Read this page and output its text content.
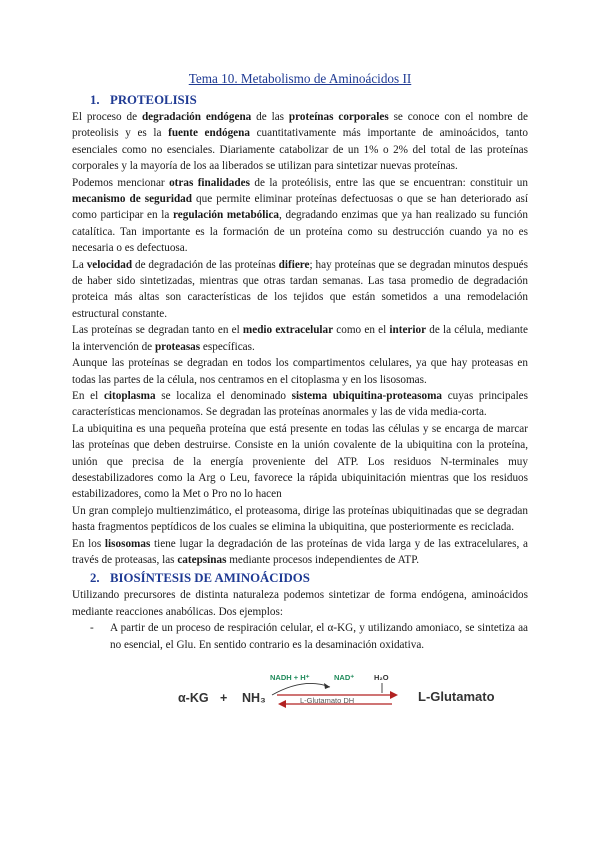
Tema 10. Metabolismo de Aminoácidos II
1. PROTEOLISIS

El proceso de degradación endógena de las proteínas corporales se conoce con el nombre de proteolisis y es la fuente endógena cuantitativamente más importante de aminoácidos, tanto esenciales como no esenciales. Diariamente catabolizar de un 1% o 2% del total de las proteínas corporales y la mayoría de los aa liberados se utilizan para sintetizar nuevas proteínas.

Podemos mencionar otras finalidades de la proteólisis, entre las que se encuentran: constituir un mecanismo de seguridad que permite eliminar proteínas defectuosas o que se han deteriorado así como participar en la regulación metabólica, degradando enzimas que ya han realizado su función catalítica. Tan importante es la formación de un proteína como su destrucción cuando ya no es necesaria o es defectuosa.

La velocidad de degradación de las proteínas difiere; hay proteínas que se degradan minutos después de haber sido sintetizadas, mientras que otras tardan semanas. Las tasa promedio de degradación proteica más altas son características de los tejidos que están sometidos a una remodelación estructural constante.

Las proteínas se degradan tanto en el medio extracelular como en el interior de la célula, mediante la intervención de proteasas específicas.

Aunque las proteínas se degradan en todos los compartimentos celulares, ya que hay proteasas en todas las partes de la célula, nos centramos en el citoplasma y en los lisosomas.

En el citoplasma se localiza el denominado sistema ubiquitina-proteasoma cuyas principales características mencionamos. Se degradan las proteínas anormales y las de vida media-corta.

La ubiquitina es una pequeña proteína que está presente en todas las células y se encarga de marcar las proteínas que deben destruirse. Consiste en la unión covalente de la ubiquitina con la proteína, unión que precisa de la energía proveniente del ATP. Los residuos N-terminales muy desestabilizadores como la Arg o Leu, favorece la rápida ubiquinitación mientras que los residuos estabilizadores, como la Met o Pro no lo hacen

Un gran complejo multienzimático, el proteasoma, dirige las proteínas ubiquitinadas que se degradan hasta fragmentos peptídicos de los cuales se elimina la ubiquitina, que posteriormente es reciclada.

En los lisosomas tiene lugar la degradación de las proteínas de vida larga y de las extracelulares, a través de proteasas, las catepsinas mediante procesos independientes de ATP.

2. BIOSÍNTESIS DE AMINOÁCIDOS

Utilizando precursores de distinta naturaleza podemos sintetizar de forma endógena, aminoácidos mediante reacciones anabólicas. Dos ejemplos:

-	A partir de un proceso de respiración celular, el α-KG, y utilizando amoniaco, se sintetiza aa no esencial, el Glu. En sentido contrario es la desaminación oxidativa.
NADH + H⁺	NAD⁺	H₂O
α-KG + NH₃	L-Glutamato DH	L-Glutamato
